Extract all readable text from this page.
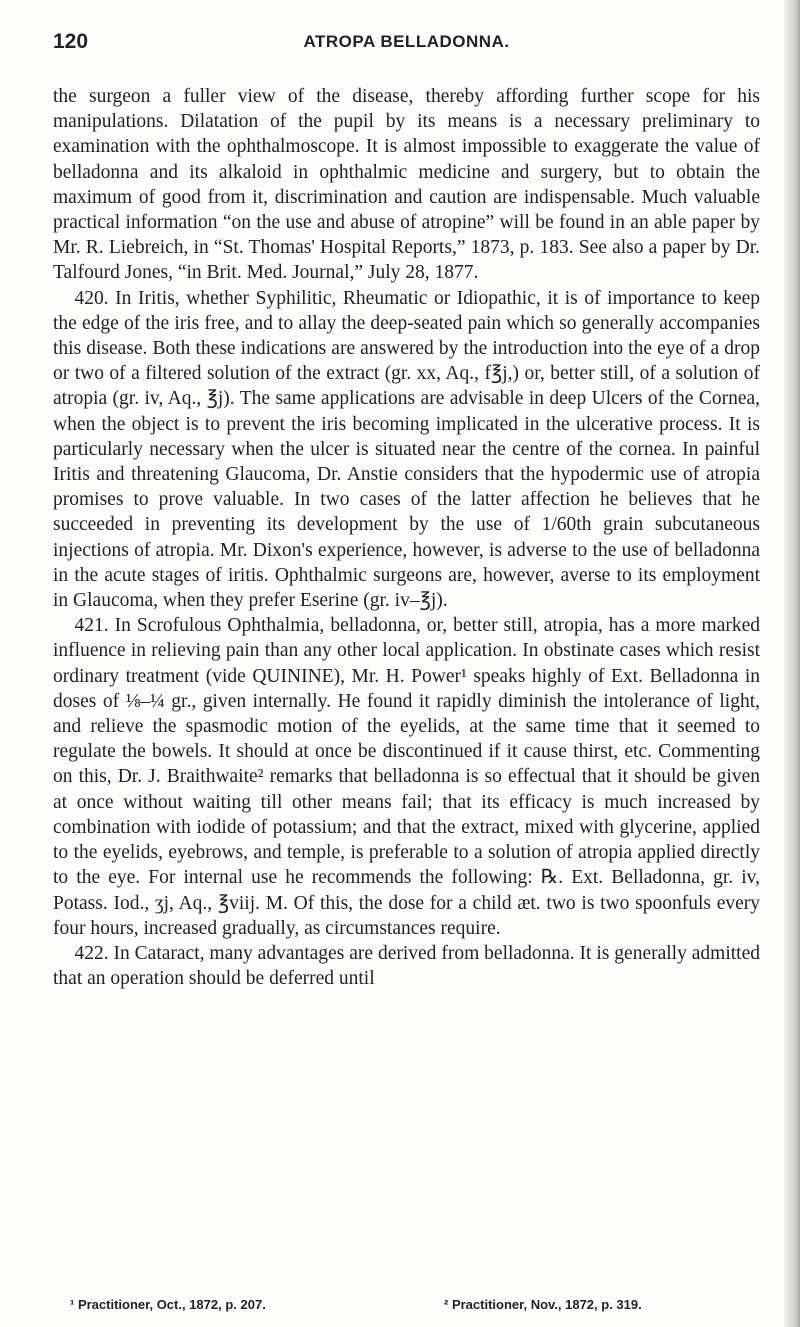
120	ATROPA BELLADONNA.

the surgeon a fuller view of the disease, thereby affording further scope for his manipulations. Dilatation of the pupil by its means is a necessary preliminary to examination with the ophthalmoscope. It is almost impossible to exaggerate the value of belladonna and its alkaloid in ophthalmic medicine and surgery, but to obtain the maximum of good from it, discrimination and caution are indispensable. Much valuable practical information “on the use and abuse of atropine” will be found in an able paper by Mr. R. Liebreich, in “St. Thomas' Hospital Reports,” 1873, p. 183. See also a paper by Dr. Talfourd Jones, “in Brit. Med. Journal,” July 28, 1877.

420. In Iritis, whether Syphilitic, Rheumatic or Idiopathic, it is of importance to keep the edge of the iris free, and to allay the deep-seated pain which so generally accompanies this disease. Both these indications are answered by the introduction into the eye of a drop or two of a filtered solution of the extract (gr. xx, Aq., f℥j,) or, better still, of a solution of atropia (gr. iv, Aq., ℥j). The same applications are advisable in deep Ulcers of the Cornea, when the object is to prevent the iris becoming implicated in the ulcerative process. It is particularly necessary when the ulcer is situated near the centre of the cornea. In painful Iritis and threatening Glaucoma, Dr. Anstie considers that the hypodermic use of atropia promises to prove valuable. In two cases of the latter affection he believes that he succeeded in preventing its development by the use of 1/60th grain subcutaneous injections of atropia. Mr. Dixon's experience, however, is adverse to the use of belladonna in the acute stages of iritis. Ophthalmic surgeons are, however, averse to its employment in Glaucoma, when they prefer Eserine (gr. iv–℥j).

421. In Scrofulous Ophthalmia, belladonna, or, better still, atropia, has a more marked influence in relieving pain than any other local application. In obstinate cases which resist ordinary treatment (vide QUININE), Mr. H. Power¹ speaks highly of Ext. Belladonna in doses of ⅛–¼ gr., given internally. He found it rapidly diminish the intolerance of light, and relieve the spasmodic motion of the eyelids, at the same time that it seemed to regulate the bowels. It should at once be discontinued if it cause thirst, etc. Commenting on this, Dr. J. Braithwaite² remarks that belladonna is so effectual that it should be given at once without waiting till other means fail; that its efficacy is much increased by combination with iodide of potassium; and that the extract, mixed with glycerine, applied to the eyelids, eyebrows, and temple, is preferable to a solution of atropia applied directly to the eye. For internal use he recommends the following: ℞. Ext. Belladonna, gr. iv, Potass. Iod., ʒj, Aq., ℥viij. M. Of this, the dose for a child æt. two is two spoonfuls every four hours, increased gradually, as circumstances require.

422. In Cataract, many advantages are derived from belladonna. It is generally admitted that an operation should be deferred until

¹ Practitioner, Oct., 1872, p. 207.	² Practitioner, Nov., 1872, p. 319.
